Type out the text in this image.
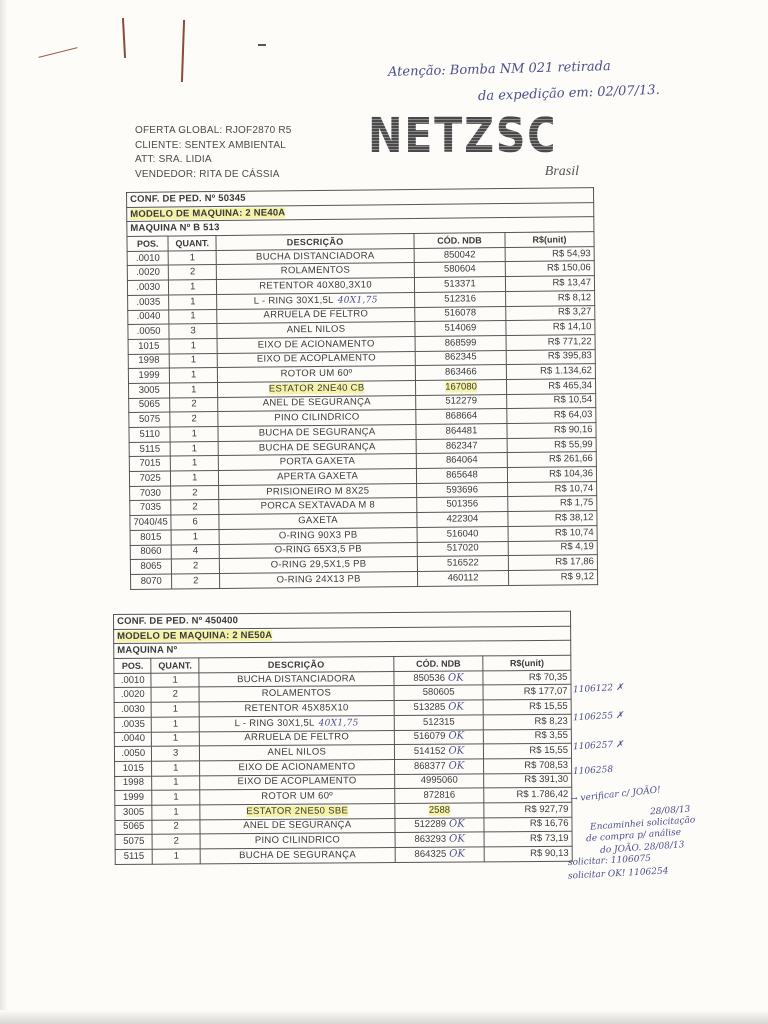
Atenção: Bomba NM 021 retirada
da expedição em: 02/07/13.
OFERTA GLOBAL: RJOF2870 R5
CLIENTE: SENTEX AMBIENTAL
ATT: SRA. LIDIA
VENDEDOR: RITA DE CÁSSIA
NETZSCH
Brasil
CONF. DE PED. Nº 50345				
MODELO DE MAQUINA: 2 NE40A				
MAQUINA Nº B 513				
POS.	QUANT.	DESCRIÇÃO	CÓD. NDB	R$(unit)
.0010	1	BUCHA DISTANCIADORA	850042	R$ 54,93
.0020	2	ROLAMENTOS	580604	R$ 150,06
.0030	1	RETENTOR 40X80,3X10	513371	R$ 13,47
.0035	1	L - RING 30X1,5L 40X1,75	512316	R$ 8,12
.0040	1	ARRUELA DE FELTRO	516078	R$ 3,27
.0050	3	ANEL NILOS	514069	R$ 14,10
1015	1	EIXO DE ACIONAMENTO	868599	R$ 771,22
1998	1	EIXO DE ACOPLAMENTO	862345	R$ 395,83
1999	1	ROTOR UM 60º	863466	R$ 1.134,62
3005	1	ESTATOR 2NE40 CB	167080	R$ 465,34
5065	2	ANEL DE SEGURANÇA	512279	R$ 10,54
5075	2	PINO CILINDRICO	868664	R$ 64,03
5110	1	BUCHA DE SEGURANÇA	864481	R$ 90,16
5115	1	BUCHA DE SEGURANÇA	862347	R$ 55,99
7015	1	PORTA GAXETA	864064	R$ 261,66
7025	1	APERTA GAXETA	865648	R$ 104,36
7030	2	PRISIONEIRO M 8X25	593696	R$ 10,74
7035	2	PORCA SEXTAVADA M 8	501356	R$ 1,75
7040/45	6	GAXETA	422304	R$ 38,12
8015	1	O-RING 90X3 PB	516040	R$ 10,74
8060	4	O-RING 65X3,5 PB	517020	R$ 4,19
8065	2	O-RING 29,5X1,5 PB	516522	R$ 17,86
8070	2	O-RING 24X13 PB	460112	R$ 9,12
CONF. DE PED. Nº 450400				
MODELO DE MAQUINA: 2 NE50A				
MAQUINA Nº				
POS.	QUANT.	DESCRIÇÃO	CÓD. NDB	R$(unit)
.0010	1	BUCHA DISTANCIADORA	850536 OK	R$ 70,35
.0020	2	ROLAMENTOS	580605	R$ 177,07
.0030	1	RETENTOR 45X85X10	513285 OK	R$ 15,55
.0035	1	L - RING 30X1,5L 40X1,75	512315	R$ 8,23
.0040	1	ARRUELA DE FELTRO	516079 OK	R$ 3,55
.0050	3	ANEL NILOS	514152 OK	R$ 15,55
1015	1	EIXO DE ACIONAMENTO	868377 OK	R$ 708,53
1998	1	EIXO DE ACOPLAMENTO	4995060	R$ 391,30
1999	1	ROTOR UM 60º	872816	R$ 1.786,42
3005	1	ESTATOR 2NE50 SBE	2588	R$ 927,79
5065	2	ANEL DE SEGURANÇA	512289 OK	R$ 16,76
5075	2	PINO CILINDRICO	863293 OK	R$ 73,19
5115	1	BUCHA DE SEGURANÇA	864325 OK	R$ 90,13
1106122 ✗
1106255 ✗
1106257 ✗
1106258
→ verificar c/ JOÃO!
28/08/13
Encaminhei solicitação
de compra p/ análise
do JOÃO. 28/08/13
solicitar: 1106075
solicitar OK! 1106254
